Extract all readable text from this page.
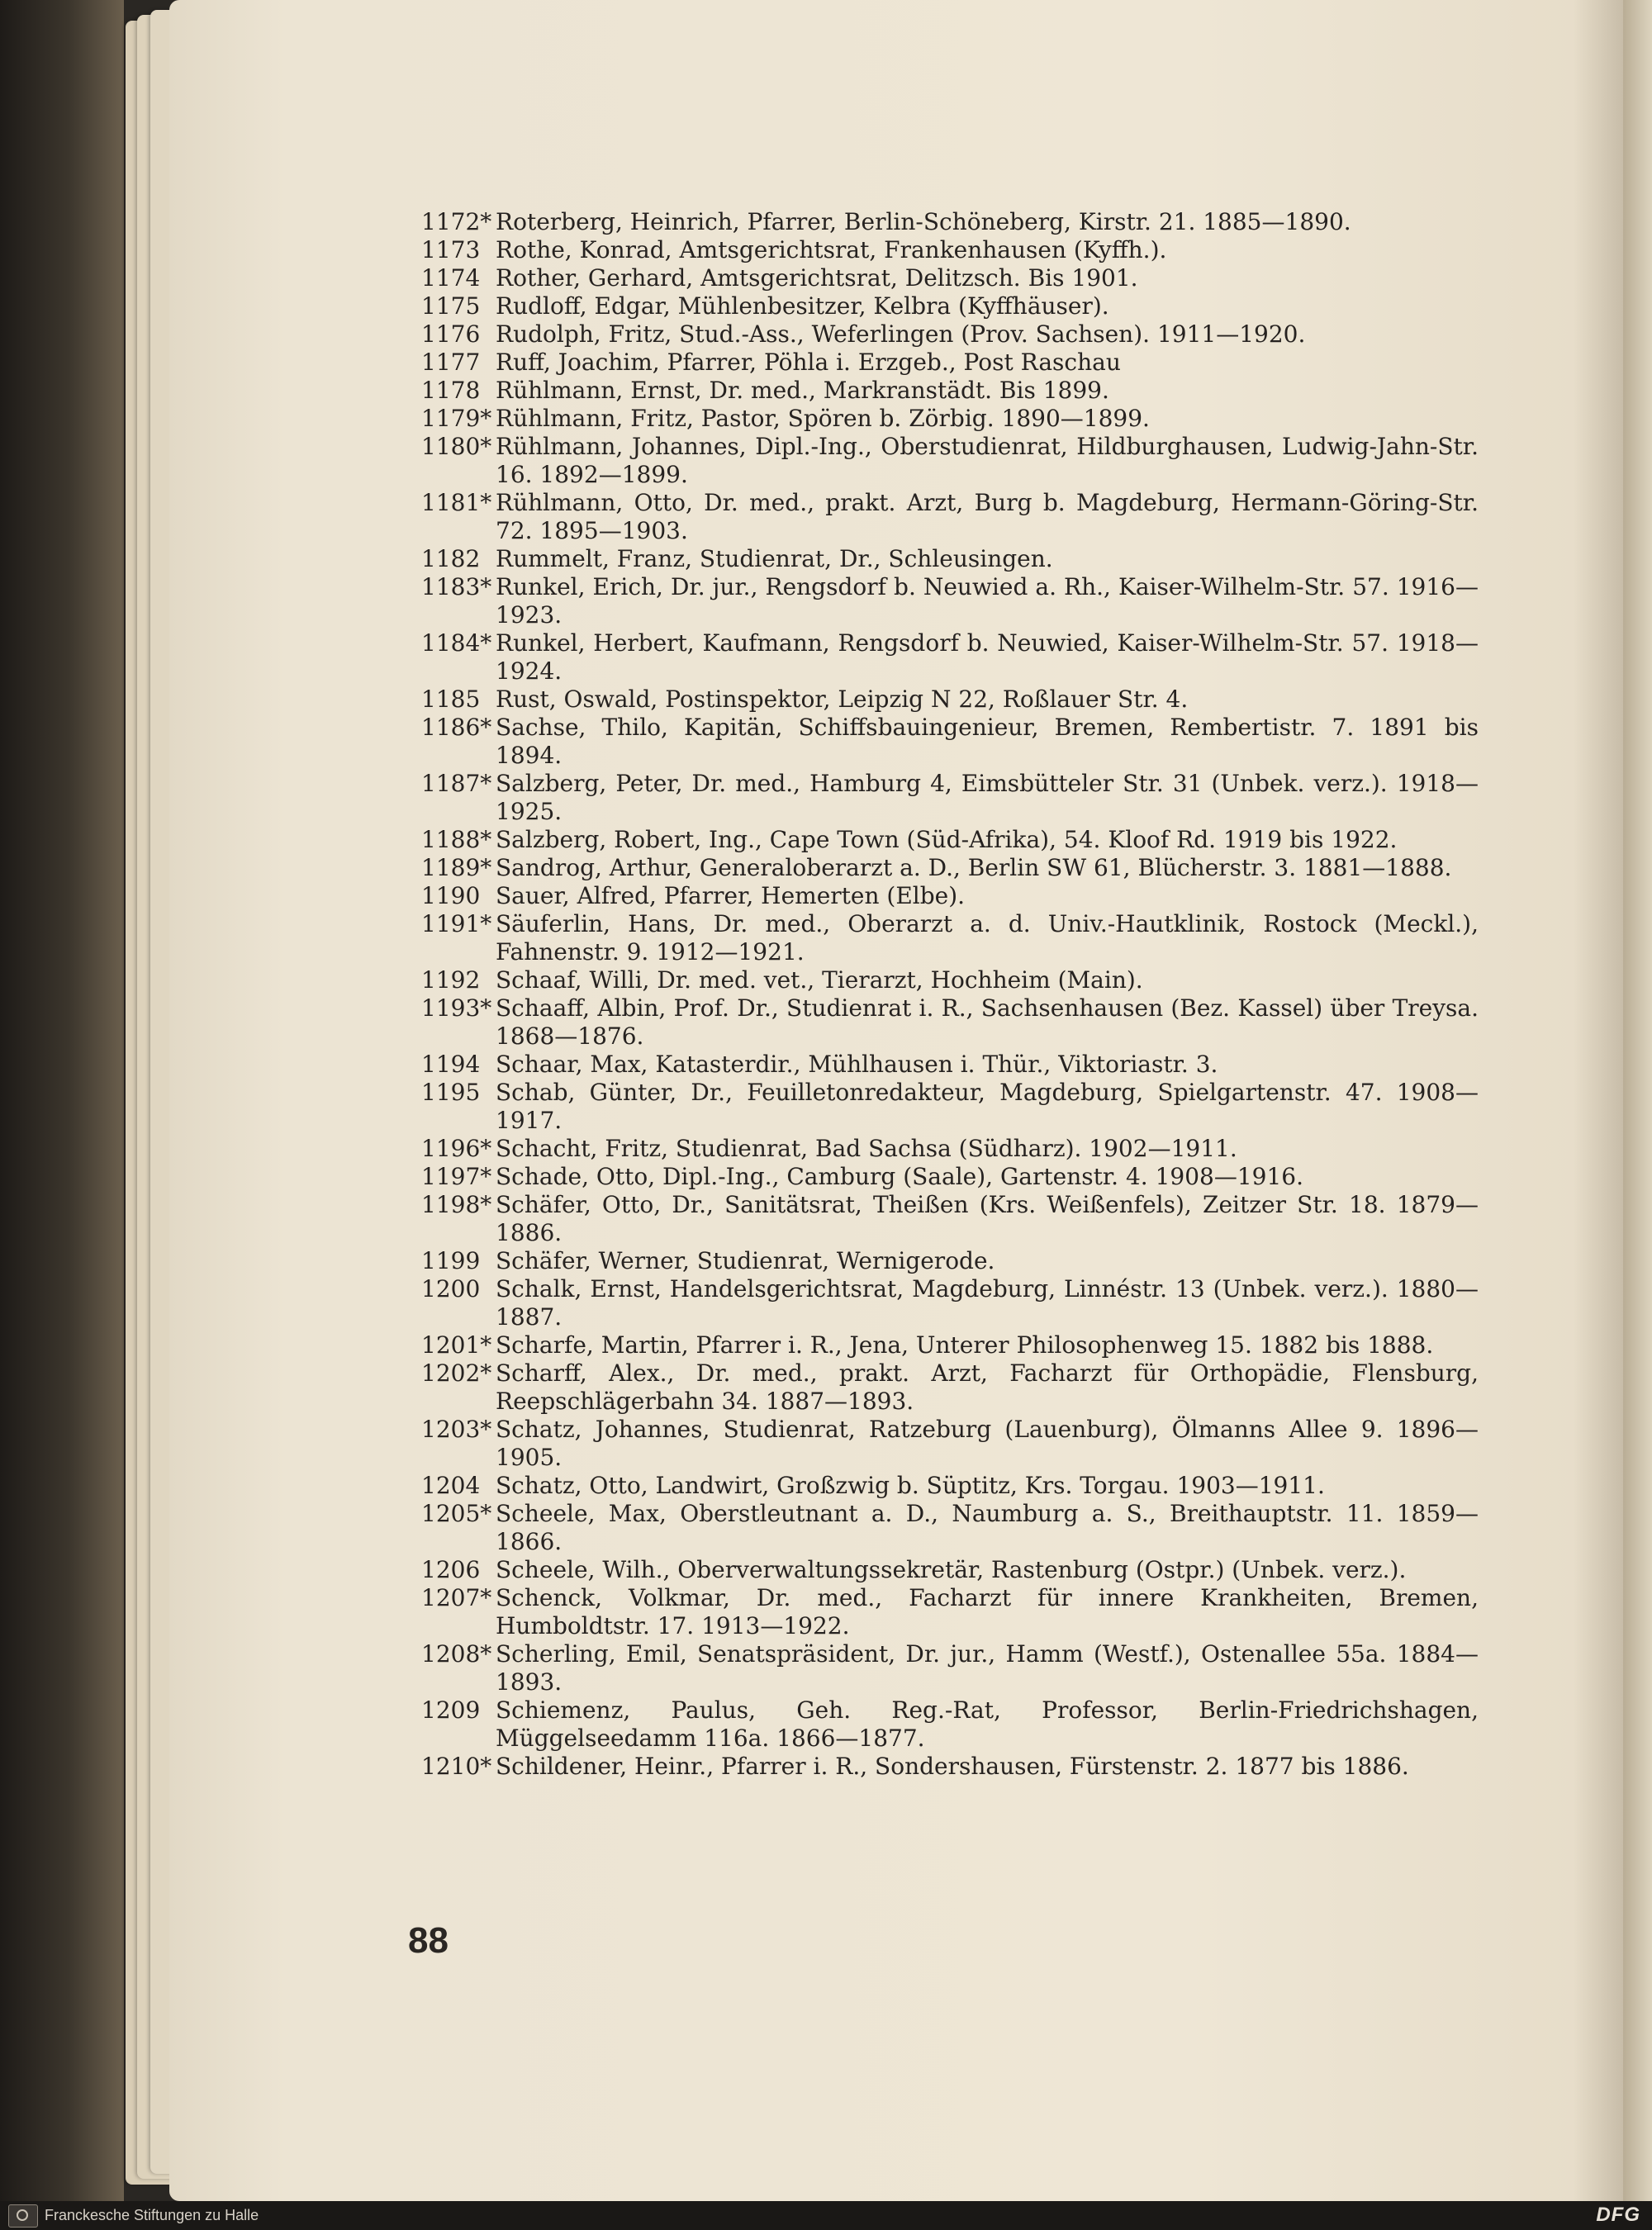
1172* Roterberg, Heinrich, Pfarrer, Berlin-Schöneberg, Kirstr. 21. 1885—1890.
1173 Rothe, Konrad, Amtsgerichtsrat, Frankenhausen (Kyffh.).
1174 Rother, Gerhard, Amtsgerichtsrat, Delitzsch. Bis 1901.
1175 Rudloff, Edgar, Mühlenbesitzer, Kelbra (Kyffhäuser).
1176 Rudolph, Fritz, Stud.-Ass., Weferlingen (Prov. Sachsen). 1911—1920.
1177 Ruff, Joachim, Pfarrer, Pöhla i. Erzgeb., Post Raschau
1178 Rühlmann, Ernst, Dr. med., Markranstädt. Bis 1899.
1179* Rühlmann, Fritz, Pastor, Spören b. Zörbig. 1890—1899.
1180* Rühlmann, Johannes, Dipl.-Ing., Oberstudienrat, Hildburghausen, Ludwig-Jahn-Str. 16. 1892—1899.
1181* Rühlmann, Otto, Dr. med., prakt. Arzt, Burg b. Magdeburg, Hermann-Göring-Str. 72. 1895—1903.
1182 Rummelt, Franz, Studienrat, Dr., Schleusingen.
1183* Runkel, Erich, Dr. jur., Rengsdorf b. Neuwied a. Rh., Kaiser-Wilhelm-Str. 57. 1916—1923.
1184* Runkel, Herbert, Kaufmann, Rengsdorf b. Neuwied, Kaiser-Wilhelm-Str. 57. 1918—1924.
1185 Rust, Oswald, Postinspektor, Leipzig N 22, Roßlauer Str. 4.
1186* Sachse, Thilo, Kapitän, Schiffsbauingenieur, Bremen, Rembertistr. 7. 1891 bis 1894.
1187* Salzberg, Peter, Dr. med., Hamburg 4, Eimsbütteler Str. 31 (Unbek. verz.). 1918—1925.
1188* Salzberg, Robert, Ing., Cape Town (Süd-Afrika), 54. Kloof Rd. 1919 bis 1922.
1189* Sandrog, Arthur, Generaloberarzt a. D., Berlin SW 61, Blücherstr. 3. 1881—1888.
1190 Sauer, Alfred, Pfarrer, Hemerten (Elbe).
1191* Säuferlin, Hans, Dr. med., Oberarzt a. d. Univ.-Hautklinik, Rostock (Meckl.), Fahnenstr. 9. 1912—1921.
1192 Schaaf, Willi, Dr. med. vet., Tierarzt, Hochheim (Main).
1193* Schaaff, Albin, Prof. Dr., Studienrat i. R., Sachsenhausen (Bez. Kassel) über Treysa. 1868—1876.
1194 Schaar, Max, Katasterdir., Mühlhausen i. Thür., Viktoriastr. 3.
1195 Schab, Günter, Dr., Feuilletonredakteur, Magdeburg, Spielgartenstr. 47. 1908—1917.
1196* Schacht, Fritz, Studienrat, Bad Sachsa (Südharz). 1902—1911.
1197* Schade, Otto, Dipl.-Ing., Camburg (Saale), Gartenstr. 4. 1908—1916.
1198* Schäfer, Otto, Dr., Sanitätsrat, Theißen (Krs. Weißenfels), Zeitzer Str. 18. 1879—1886.
1199 Schäfer, Werner, Studienrat, Wernigerode.
1200 Schalk, Ernst, Handelsgerichtsrat, Magdeburg, Linnéstr. 13 (Unbek. verz.). 1880—1887.
1201* Scharfe, Martin, Pfarrer i. R., Jena, Unterer Philosophenweg 15. 1882 bis 1888.
1202* Scharff, Alex., Dr. med., prakt. Arzt, Facharzt für Orthopädie, Flensburg, Reepschlägerbahn 34. 1887—1893.
1203* Schatz, Johannes, Studienrat, Ratzeburg (Lauenburg), Ölmanns Allee 9. 1896—1905.
1204 Schatz, Otto, Landwirt, Großzwig b. Süptitz, Krs. Torgau. 1903—1911.
1205* Scheele, Max, Oberstleutnant a. D., Naumburg a. S., Breithauptstr. 11. 1859—1866.
1206 Scheele, Wilh., Oberverwaltungssekretär, Rastenburg (Ostpr.) (Unbek. verz.).
1207* Schenck, Volkmar, Dr. med., Facharzt für innere Krankheiten, Bremen, Humboldtstr. 17. 1913—1922.
1208* Scherling, Emil, Senatspräsident, Dr. jur., Hamm (Westf.), Ostenallee 55a. 1884—1893.
1209 Schiemenz, Paulus, Geh. Reg.-Rat, Professor, Berlin-Friedrichshagen, Müggelseedamm 116a. 1866—1877.
1210* Schildener, Heinr., Pfarrer i. R., Sondershausen, Fürstenstr. 2. 1877 bis 1886.
88
Franckesche Stiftungen zu Halle	DFG
